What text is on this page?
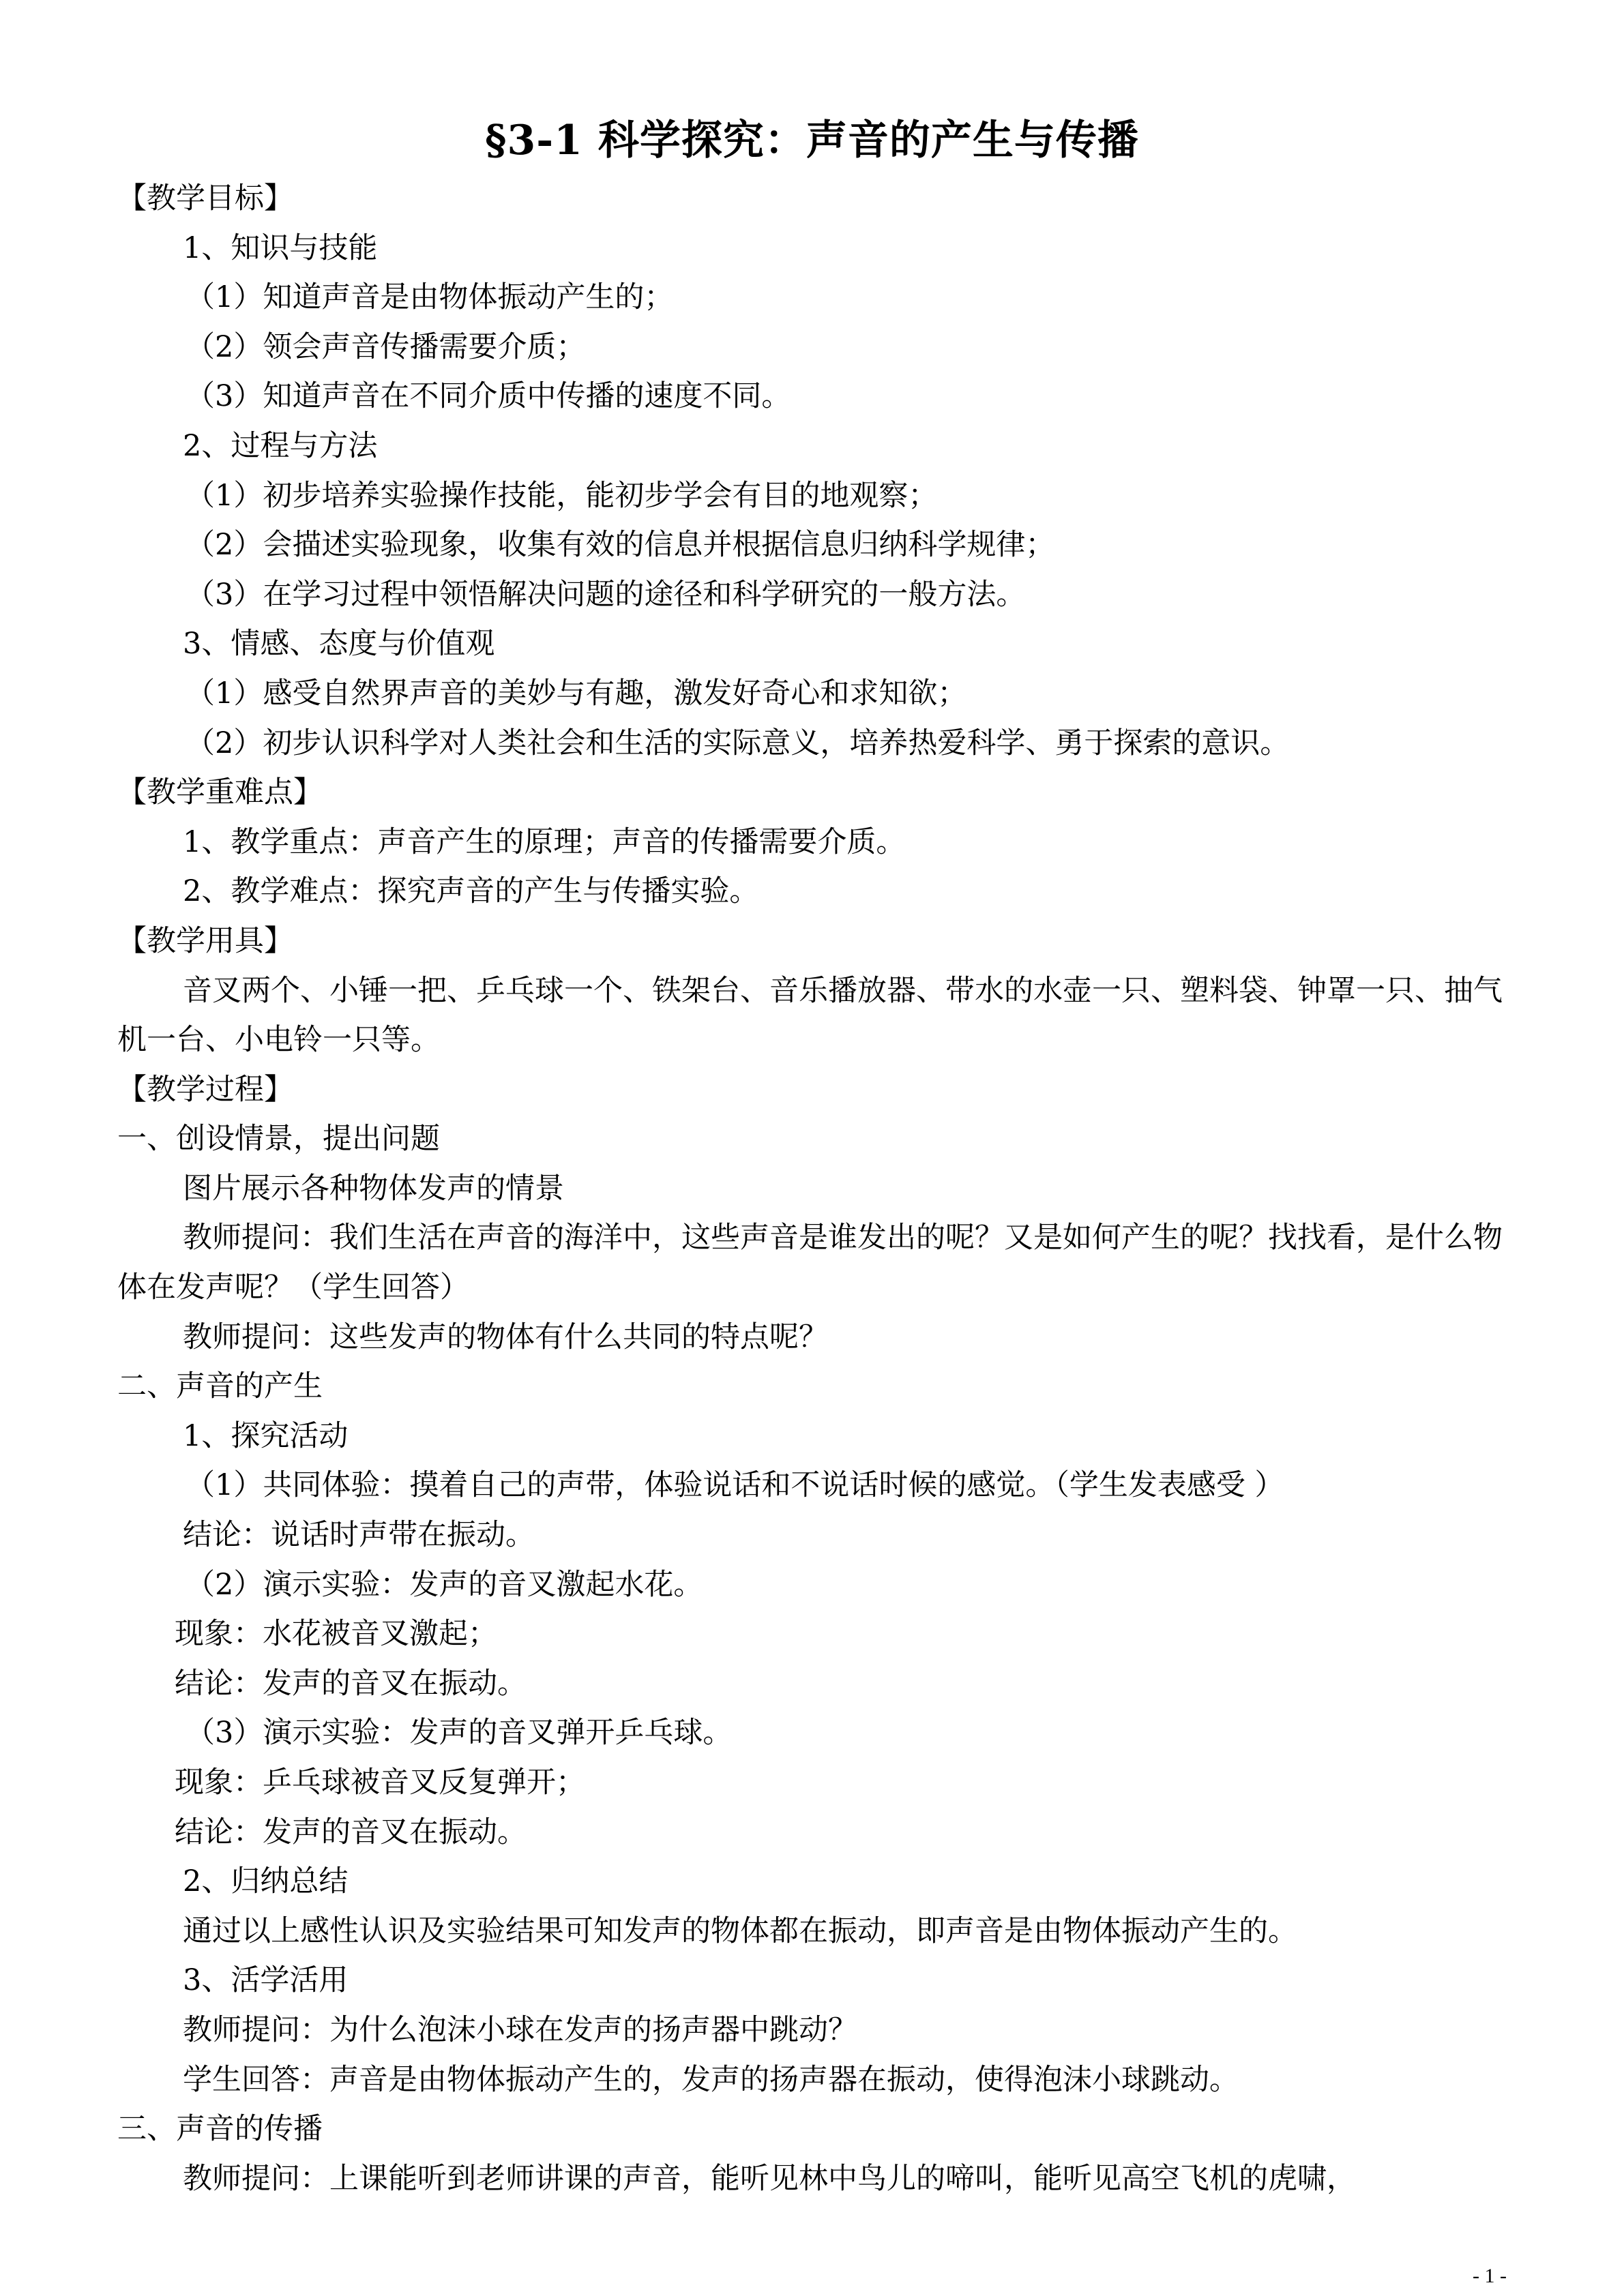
§3-1 科学探究：声音的产生与传播
【教学目标】
1、知识与技能
（1）知道声音是由物体振动产生的；
（2）领会声音传播需要介质；
（3）知道声音在不同介质中传播的速度不同。
2、过程与方法
（1）初步培养实验操作技能，能初步学会有目的地观察；
（2）会描述实验现象，收集有效的信息并根据信息归纳科学规律；
（3）在学习过程中领悟解决问题的途径和科学研究的一般方法。
3、情感、态度与价值观
（1）感受自然界声音的美妙与有趣，激发好奇心和求知欲；
（2）初步认识科学对人类社会和生活的实际意义，培养热爱科学、勇于探索的意识。
【教学重难点】
1、教学重点：声音产生的原理；声音的传播需要介质。
2、教学难点：探究声音的产生与传播实验。
【教学用具】
音叉两个、小锤一把、乒乓球一个、铁架台、音乐播放器、带水的水壶一只、塑料袋、钟罩一只、抽气机一台、小电铃一只等。
【教学过程】
一、创设情景，提出问题
图片展示各种物体发声的情景
教师提问：我们生活在声音的海洋中，这些声音是谁发出的呢？又是如何产生的呢？找找看，是什么物体在发声呢？（学生回答）
教师提问：这些发声的物体有什么共同的特点呢？
二、声音的产生
1、探究活动
（1）共同体验：摸着自己的声带，体验说话和不说话时候的感觉。（学生发表感受 ）
结论：说话时声带在振动。
（2）演示实验：发声的音叉激起水花。
现象：水花被音叉激起；
结论：发声的音叉在振动。
（3）演示实验：发声的音叉弹开乒乓球。
现象：乒乓球被音叉反复弹开；
结论：发声的音叉在振动。
2、归纳总结
通过以上感性认识及实验结果可知发声的物体都在振动，即声音是由物体振动产生的。
3、活学活用
教师提问：为什么泡沫小球在发声的扬声器中跳动？
学生回答：声音是由物体振动产生的，发声的扬声器在振动，使得泡沫小球跳动。
三、声音的传播
教师提问：上课能听到老师讲课的声音，能听见林中鸟儿的啼叫，能听见高空飞机的虎啸，
- 1 -
